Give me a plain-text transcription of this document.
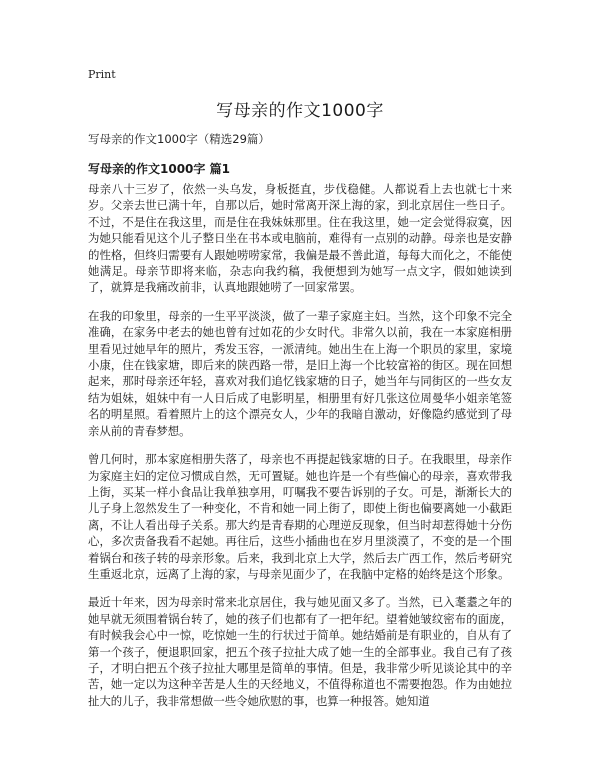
Print
写母亲的作文1000字
写母亲的作文1000字（精选29篇）
写母亲的作文1000字 篇1

母亲八十三岁了，依然一头乌发，身板挺直，步伐稳健。人都说看上去也就七十来岁。父亲去世已满十年，自那以后，她时常离开深上海的家，到北京居住一些日子。不过，不是住在我这里，而是住在我妹妹那里。住在我这里，她一定会觉得寂寞，因为她只能看见这个儿子整日坐在书本或电脑前，难得有一点别的动静。母亲也是安静的性格，但终归需要有人跟她唠唠家常，我偏是最不善此道，每每大而化之，不能使她满足。母亲节即将来临，杂志向我约稿，我便想到为她写一点文字，假如她读到了，就算是我痛改前非，认真地跟她唠了一回家常罢。

在我的印象里，母亲的一生平平淡淡，做了一辈子家庭主妇。当然，这个印象不完全准确，在家务中老去的她也曾有过如花的少女时代。非常久以前，我在一本家庭相册里看见过她早年的照片，秀发玉容，一派清纯。她出生在上海一个职员的家里，家境小康，住在钱家塘，即后来的陕西路一带，是旧上海一个比较富裕的街区。现在回想起来，那时母亲还年轻，喜欢对我们追忆钱家塘的日子，她当年与同街区的一些女友结为姐妹，姐妹中有一人日后成了电影明星，相册里有好几张这位周曼华小姐亲笔签名的明星照。看着照片上的这个漂亮女人，少年的我暗自激动，好像隐约感觉到了母亲从前的青春梦想。

曾几何时，那本家庭相册失落了，母亲也不再提起钱家塘的日子。在我眼里，母亲作为家庭主妇的定位习惯成自然，无可置疑。她也许是一个有些偏心的母亲，喜欢带我上街，买某一样小食品让我单独享用，叮嘱我不要告诉别的子女。可是，渐渐长大的儿子身上忽然发生了一种变化，不肯和她一同上街了，即使上街也偏要离她一小截距离，不让人看出母子关系。那大约是青春期的心理逆反现象，但当时却惹得她十分伤心，多次责备我看不起她。再往后，这些小插曲也在岁月里淡漠了，不变的是一个围着锅台和孩子转的母亲形象。后来，我到北京上大学，然后去广西工作，然后考研究生重返北京，远离了上海的家，与母亲见面少了，在我脑中定格的始终是这个形象。

最近十年来，因为母亲时常来北京居住，我与她见面又多了。当然，已入耄耋之年的她早就无须围着锅台转了，她的孩子们也都有了一把年纪。望着她皱纹密布的面庞，有时候我会心中一惊，吃惊她一生的行状过于简单。她结婚前是有职业的，自从有了第一个孩子，便退职回家，把五个孩子拉扯大成了她一生的全部事业。我自己有了孩子，才明白把五个孩子拉扯大哪里是简单的事情。但是，我非常少听见谈论其中的辛苦，她一定以为这种辛苦是人生的天经地义，不值得称道也不需要抱怨。作为由她拉扯大的儿子，我非常想做一些令她欣慰的事，也算一种报答。她知道
